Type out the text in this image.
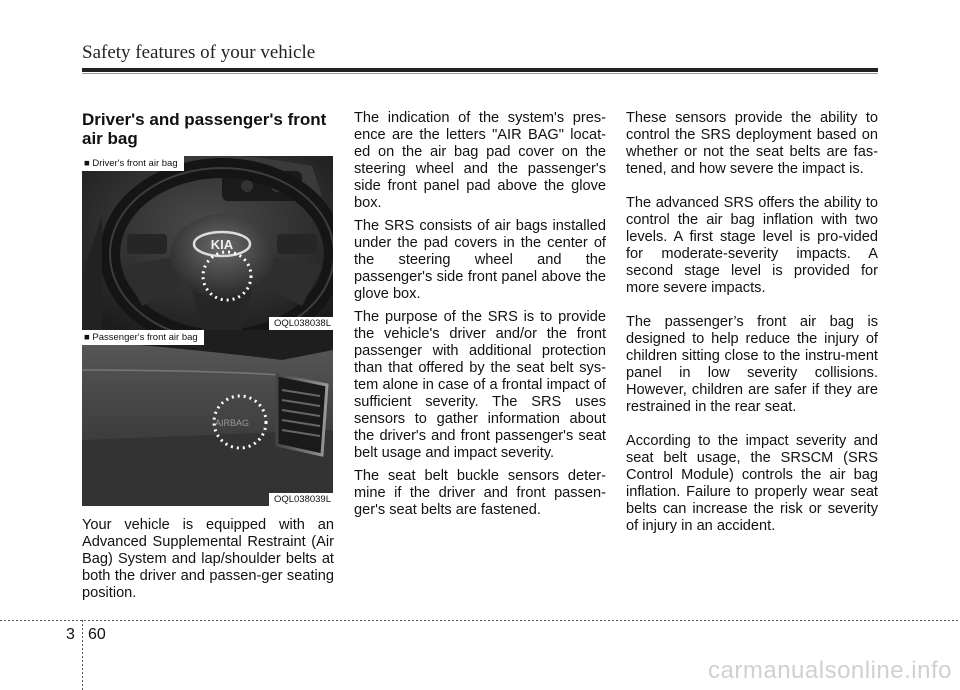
Safety features of your vehicle
Driver's and passenger's front air bag
KIA
■ Driver's front air bag
OQL038038L
AIRBAG
■ Passenger's front air bag
OQL038039L

Your vehicle is equipped with an Advanced Supplemental Restraint (Air Bag) System and lap/shoulder belts at both the driver and passen-ger seating position.

The indication of the system's pres-ence are the letters "AIR BAG" locat-ed on the air bag pad cover on the steering wheel and the passenger's side front panel pad above the glove box.

The SRS consists of air bags installed under the pad covers in the center of the steering wheel and the passenger's side front panel above the glove box.

The purpose of the SRS is to provide the vehicle's driver and/or the front passenger with additional protection than that offered by the seat belt sys-tem alone in case of a frontal impact of sufficient severity. The SRS uses sensors to gather information about the driver's and front passenger's seat belt usage and impact severity.

The seat belt buckle sensors deter-mine if the driver and front passen-ger's seat belts are fastened.

These sensors provide the ability to control the SRS deployment based on whether or not the seat belts are fas-tened, and how severe the impact is.

The advanced SRS offers the ability to control the air bag inflation with two levels. A first stage level is pro-vided for moderate-severity impacts. A second stage level is provided for more severe impacts.

The passenger’s front air bag is designed to help reduce the injury of children sitting close to the instru-ment panel in low severity collisions. However, children are safer if they are restrained in the rear seat.

According to the impact severity and seat belt usage, the SRSCM (SRS Control Module) controls the air bag inflation. Failure to properly wear seat belts can increase the risk or severity of injury in an accident.

3 60
carmanualsonline.info
